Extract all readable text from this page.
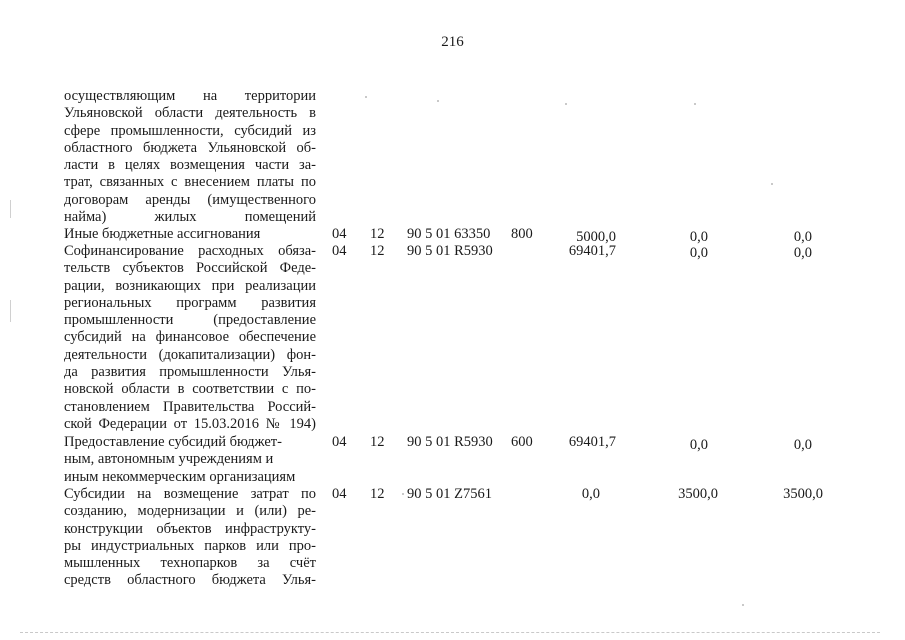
216
осуществляющим на территории
Ульяновской области деятельность в
сфере промышленности, субсидий из
областного бюджета Ульяновской об-
ласти в целях возмещения части за-
трат, связанных с внесением платы по
договорам аренды (имущественного
найма) жилых помещений
Иные бюджетные ассигнования	04 12 90 5 01 63350 800	5000,0	0,0	0,0
Софинансирование расходных обяза-
тельств субъектов Российской Феде-
рации, возникающих при реализации
региональных программ развития
промышленности (предоставление
субсидий на финансовое обеспечение
деятельности (докапитализации) фон-
да развития промышленности Улья-
новской области в соответствии с по-
становлением Правительства Россий-
ской Федерации от 15.03.2016 № 194)
04 12 90 5 01 R5930	69401,7	0,0	0,0
Предоставление субсидий бюджет-
ным, автономным учреждениям и
иным некоммерческим организациям
04 12 90 5 01 R5930 600	69401,7	0,0	0,0
Субсидии на возмещение затрат по
созданию, модернизации и (или) ре-
конструкции объектов инфраструкту-
ры индустриальных парков или про-
мышленных технопарков за счёт
средств областного бюджета Улья-
04 12 90 5 01 Z7561	0,0	3500,0	3500,0
